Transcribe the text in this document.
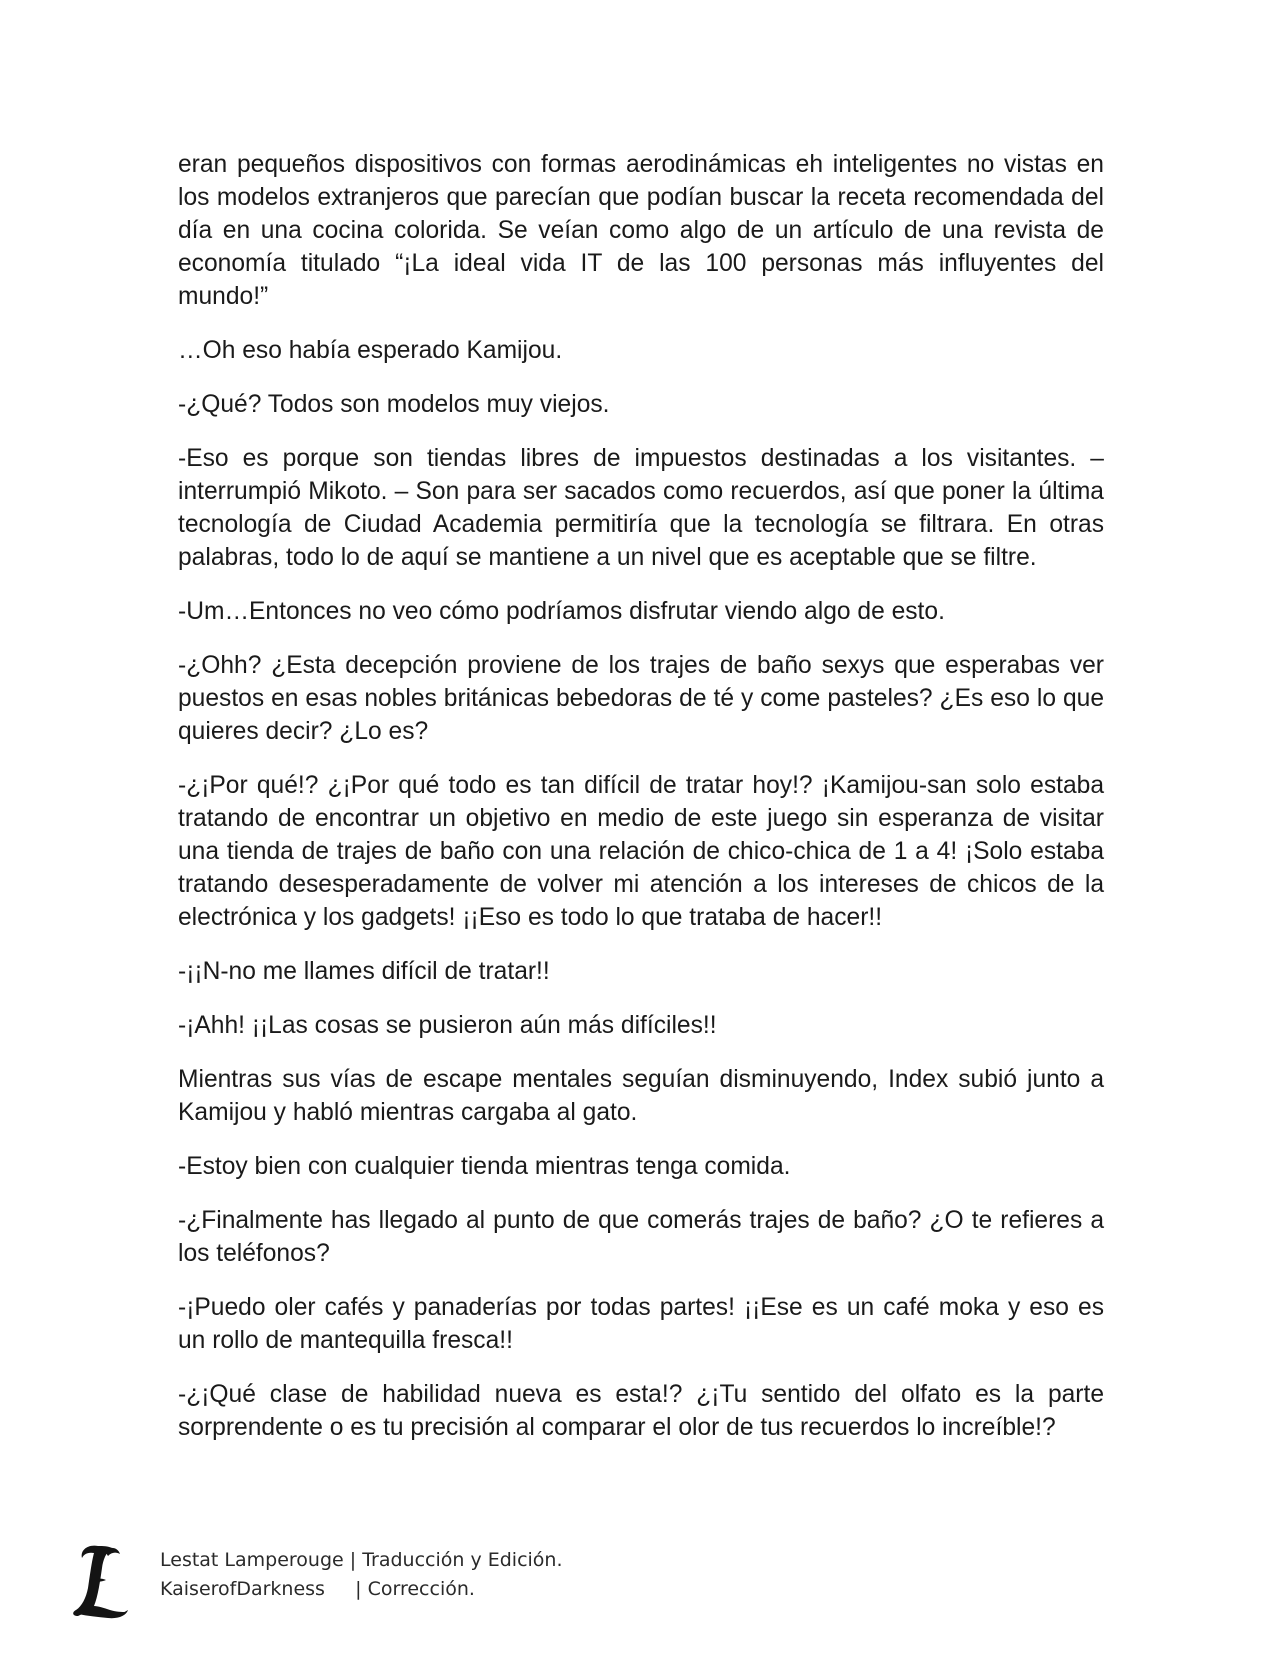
eran pequeños dispositivos con formas aerodinámicas eh inteligentes no vistas en los modelos extranjeros que parecían que podían buscar la receta recomendada del día en una cocina colorida. Se veían como algo de un artículo de una revista de economía titulado “¡La ideal vida IT de las 100 personas más influyentes del mundo!”

…Oh eso había esperado Kamijou.

-¿Qué? Todos son modelos muy viejos.

-Eso es porque son tiendas libres de impuestos destinadas a los visitantes. – interrumpió Mikoto. – Son para ser sacados como recuerdos, así que poner la última tecnología de Ciudad Academia permitiría que la tecnología se filtrara. En otras palabras, todo lo de aquí se mantiene a un nivel que es aceptable que se filtre.

-Um…Entonces no veo cómo podríamos disfrutar viendo algo de esto.

-¿Ohh? ¿Esta decepción proviene de los trajes de baño sexys que esperabas ver puestos en esas nobles británicas bebedoras de té y come pasteles? ¿Es eso lo que quieres decir? ¿Lo es?

-¿¡Por qué!? ¿¡Por qué todo es tan difícil de tratar hoy!? ¡Kamijou-san solo estaba tratando de encontrar un objetivo en medio de este juego sin esperanza de visitar una tienda de trajes de baño con una relación de chico-chica de 1 a 4! ¡Solo estaba tratando desesperadamente de volver mi atención a los intereses de chicos de la electrónica y los gadgets! ¡¡Eso es todo lo que trataba de hacer!!

-¡¡N-no me llames difícil de tratar!!

-¡Ahh! ¡¡Las cosas se pusieron aún más difíciles!!

Mientras sus vías de escape mentales seguían disminuyendo, Index subió junto a Kamijou y habló mientras cargaba al gato.

-Estoy bien con cualquier tienda mientras tenga comida.

-¿Finalmente has llegado al punto de que comerás trajes de baño? ¿O te refieres a los teléfonos?

-¡Puedo oler cafés y panaderías por todas partes! ¡¡Ese es un café moka y eso es un rollo de mantequilla fresca!!

-¿¡Qué clase de habilidad nueva es esta!? ¿¡Tu sentido del olfato es la parte sorprendente o es tu precisión al comparar el olor de tus recuerdos lo increíble!?

Lestat Lamperouge | Traducción y Edición.
KaiserofDarkness     | Corrección.
